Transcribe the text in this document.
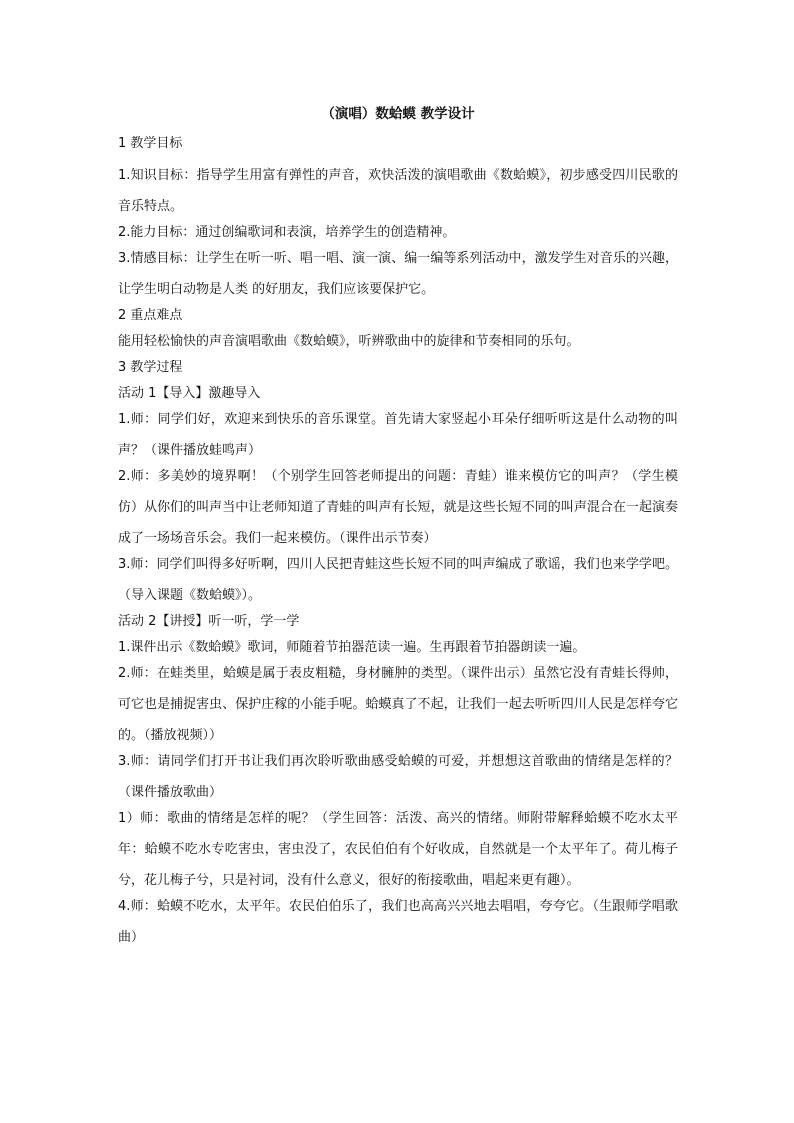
（演唱）数蛤蟆 教学设计
1 教学目标
1.知识目标：指导学生用富有弹性的声音，欢快活泼的演唱歌曲《数蛤蟆》，初步感受四川民歌的音乐特点。
2.能力目标：通过创编歌词和表演，培养学生的创造精神。
3.情感目标：让学生在听一听、唱一唱、演一演、编一编等系列活动中，激发学生对音乐的兴趣，让学生明白动物是人类 的好朋友，我们应该要保护它。
2 重点难点
能用轻松愉快的声音演唱歌曲《数蛤蟆》，听辨歌曲中的旋律和节奏相同的乐句。
3 教学过程
活动 1【导入】激趣导入
1.师：同学们好，欢迎来到快乐的音乐课堂。首先请大家竖起小耳朵仔细听听这是什么动物的叫声？（课件播放蛙鸣声）
2.师：多美妙的境界啊！（个别学生回答老师提出的问题：青蛙）谁来模仿它的叫声？（学生模仿）从你们的叫声当中让老师知道了青蛙的叫声有长短，就是这些长短不同的叫声混合在一起演奏成了一场场音乐会。我们一起来模仿。（课件出示节奏）
3.师：同学们叫得多好听啊，四川人民把青蛙这些长短不同的叫声编成了歌谣，我们也来学学吧。（导入课题《数蛤蟆》）。
活动 2【讲授】听一听，学一学
1.课件出示《数蛤蟆》歌词，师随着节拍器范读一遍。生再跟着节拍器朗读一遍。
2.师：在蛙类里，蛤蟆是属于表皮粗糙，身材臃肿的类型。（课件出示）虽然它没有青蛙长得帅，可它也是捕捉害虫、保护庄稼的小能手呢。蛤蟆真了不起，让我们一起去听听四川人民是怎样夸它的。（播放视频））
3.师：请同学们打开书让我们再次聆听歌曲感受蛤蟆的可爱，并想想这首歌曲的情绪是怎样的？（课件播放歌曲）
1）师：歌曲的情绪是怎样的呢？（学生回答：活泼、高兴的情绪。师附带解释蛤蟆不吃水太平年：蛤蟆不吃水专吃害虫，害虫没了，农民伯伯有个好收成，自然就是一个太平年了。荷儿梅子兮，花儿梅子兮，只是衬词，没有什么意义，很好的衔接歌曲，唱起来更有趣）。
4.师：蛤蟆不吃水，太平年。农民伯伯乐了，我们也高高兴兴地去唱唱，夸夸它。（生跟师学唱歌曲）
